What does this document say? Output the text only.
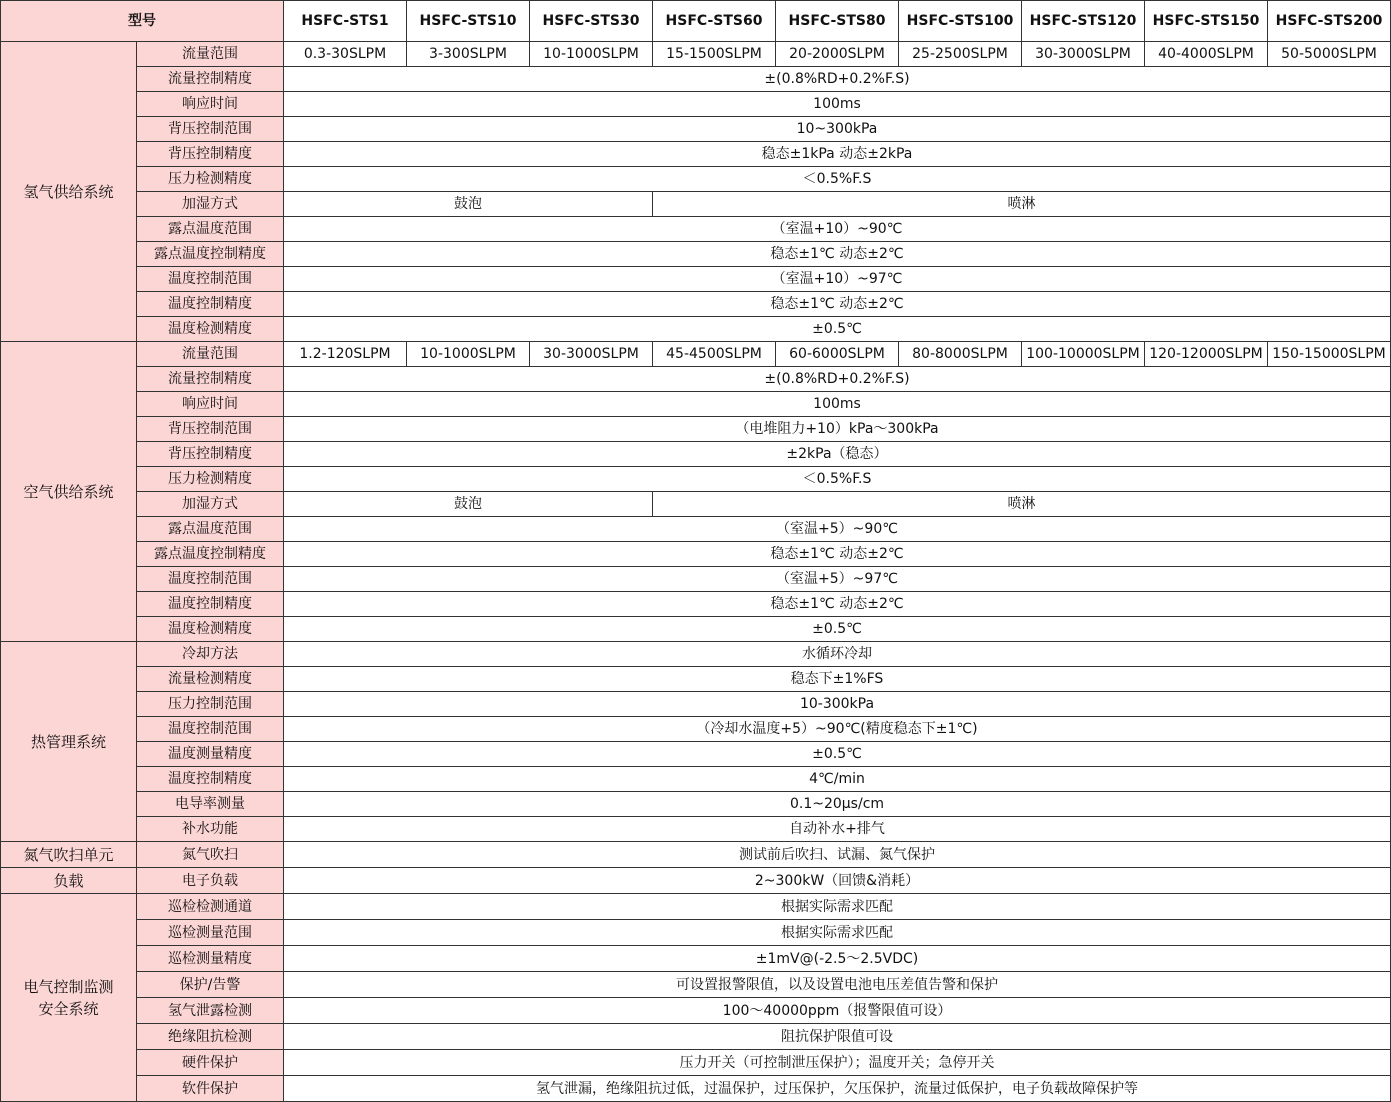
型号		HSFC-STS1	HSFC-STS10	HSFC-STS30	HSFC-STS60	HSFC-STS80	HSFC-STS100	HSFC-STS120	HSFC-STS150	HSFC-STS200
氢气供给系统	流量范围	0.3-30SLPM	3-300SLPM	10-1000SLPM	15-1500SLPM	20-2000SLPM	25-2500SLPM	30-3000SLPM	40-4000SLPM	50-5000SLPM
	流量控制精度	±(0.8%RD+0.2%F.S)								
	响应时间	100ms								
	背压控制范围	10~300kPa								
	背压控制精度	稳态±1kPa 动态±2kPa								
	压力检测精度	＜0.5%F.S								
	加湿方式	鼓泡			喷淋					
	露点温度范围	（室温+10）~90℃								
	露点温度控制精度	稳态±1℃ 动态±2℃								
	温度控制范围	（室温+10）~97℃								
	温度控制精度	稳态±1℃ 动态±2℃								
	温度检测精度	±0.5℃								
空气供给系统	流量范围	1.2-120SLPM	10-1000SLPM	30-3000SLPM	45-4500SLPM	60-6000SLPM	80-8000SLPM	100-10000SLPM	120-12000SLPM	150-15000SLPM
	流量控制精度	±(0.8%RD+0.2%F.S)								
	响应时间	100ms								
	背压控制范围	（电堆阻力+10）kPa～300kPa								
	背压控制精度	±2kPa（稳态）								
	压力检测精度	＜0.5%F.S								
	加湿方式	鼓泡			喷淋					
	露点温度范围	（室温+5）~90℃								
	露点温度控制精度	稳态±1℃ 动态±2℃								
	温度控制范围	（室温+5）~97℃								
	温度控制精度	稳态±1℃ 动态±2℃								
	温度检测精度	±0.5℃								
热管理系统	冷却方法	水循环冷却								
	流量检测精度	稳态下±1%FS								
	压力控制范围	10-300kPa								
	温度控制范围	（冷却水温度+5）~90℃(精度稳态下±1℃)								
	温度测量精度	±0.5℃								
	温度控制精度	4℃/min								
	电导率测量	0.1~20μs/cm								
	补水功能	自动补水+排气								
氮气吹扫单元	氮气吹扫	测试前后吹扫、试漏、氮气保护								
负载	电子负载	2~300kW（回馈&消耗）								

电气控制监测
安全系统	巡检检测通道	根据实际需求匹配								
	巡检测量范围	根据实际需求匹配								
	巡检测量精度	±1mV@(-2.5～2.5VDC)								
	保护/告警	可设置报警限值，以及设置电池电压差值告警和保护								
	氢气泄露检测	100～40000ppm（报警限值可设）								
	绝缘阻抗检测	阻抗保护限值可设								
	硬件保护	压力开关（可控制泄压保护）；温度开关；急停开关								
	软件保护	氢气泄漏，绝缘阻抗过低，过温保护，过压保护，欠压保护，流量过低保护，电子负载故障保护等								
